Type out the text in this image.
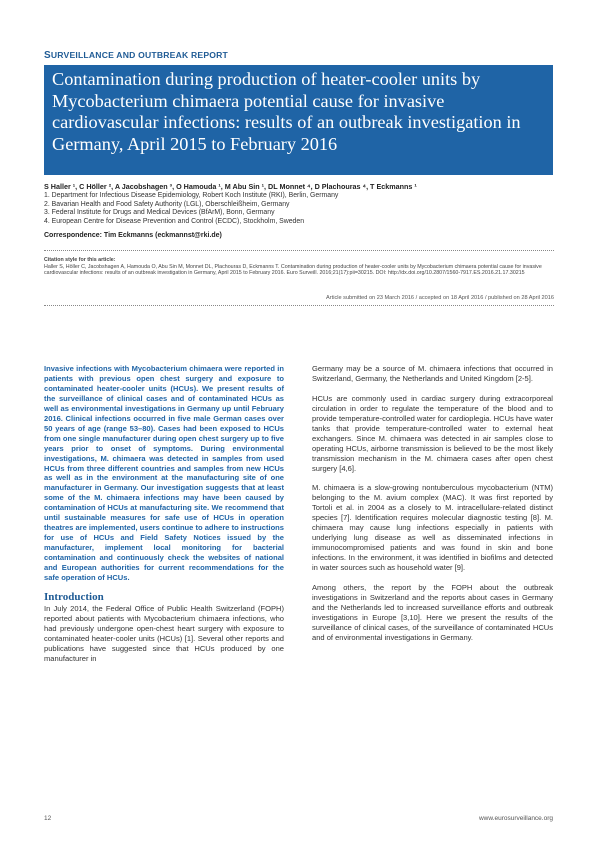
SURVEILLANCE AND OUTBREAK REPORT
Contamination during production of heater-cooler units by Mycobacterium chimaera potential cause for invasive cardiovascular infections: results of an outbreak investigation in Germany, April 2015 to February 2016
S Haller ¹, C Höller ², A Jacobshagen ³, O Hamouda ¹, M Abu Sin ¹, DL Monnet ⁴, D Plachouras ⁴, T Eckmanns ¹
1. Department for Infectious Disease Epidemiology, Robert Koch Institute (RKI), Berlin, Germany
2. Bavarian Health and Food Safety Authority (LGL), Oberschleißheim, Germany
3. Federal Institute for Drugs and Medical Devices (BfArM), Bonn, Germany
4. European Centre for Disease Prevention and Control (ECDC), Stockholm, Sweden
Correspondence: Tim Eckmanns (eckmannst@rki.de)
Citation style for this article:
Haller S, Höller C, Jacobshagen A, Hamouda O, Abu Sin M, Monnet DL, Plachouras D, Eckmanns T. Contamination during production of heater-cooler units by Mycobacterium chimaera potential cause for invasive cardiovascular infections: results of an outbreak investigation in Germany, April 2015 to February 2016. Euro Surveill. 2016;21(17):pii=30215. DOI: http://dx.doi.org/10.2807/1560-7917.ES.2016.21.17.30215
Article submitted on 23 March 2016 / accepted on 18 April 2016 / published on 28 April 2016

Invasive infections with Mycobacterium chimaera were reported in patients with previous open chest surgery and exposure to contaminated heater-cooler units (HCUs). We present results of the surveillance of clinical cases and of contaminated HCUs as well as environmental investigations in Germany up until February 2016. Clinical infections occurred in five male German cases over 50 years of age (range 53–80). Cases had been exposed to HCUs from one single manufacturer during open chest surgery up to five years prior to onset of symptoms. During environmental investigations, M. chimaera was detected in samples from used HCUs from three different countries and samples from new HCUs as well as in the environment at the manufacturing site of one manufacturer in Germany. Our investigation suggests that at least some of the M. chimaera infections may have been caused by contamination of HCUs at manufacturing site. We recommend that until sustainable measures for safe use of HCUs in operation theatres are implemented, users continue to adhere to instructions for use of HCUs and Field Safety Notices issued by the manufacturer, implement local monitoring for bacterial contamination and continuously check the websites of national and European authorities for current recommendations for the safe operation of HCUs.

Introduction

In July 2014, the Federal Office of Public Health Switzerland (FOPH) reported about patients with Mycobacterium chimaera infections, who had previously undergone open-chest heart surgery with exposure to contaminated heater-cooler units (HCUs) [1]. Several other reports and publications have suggested since that HCUs produced by one manufacturer in

Germany may be a source of M. chimaera infections that occurred in Switzerland, Germany, the Netherlands and United Kingdom [2-5].

HCUs are commonly used in cardiac surgery during extracorporeal circulation in order to regulate the temperature of the blood and to provide temperature-controlled water for cardioplegia. HCUs have water tanks that provide temperature-controlled water to external heat exchangers. Since M. chimaera was detected in air samples close to operating HCUs, airborne transmission is believed to be the most likely transmission mechanism in the M. chimaera cases after open chest surgery [4,6].

M. chimaera is a slow-growing nontuberculous mycobacterium (NTM) belonging to the M. avium complex (MAC). It was first reported by Tortoli et al. in 2004 as a closely to M. intracellulare-related distinct species [7]. Identification requires molecular diagnostic testing [8]. M. chimaera may cause lung infections especially in patients with underlying lung disease as well as disseminated infections in immunocompromised patients and was found in skin and bone infections. In the environment, it was identified in biofilms and detected in water sources such as household water [9].

Among others, the report by the FOPH about the outbreak investigations in Switzerland and the reports about cases in Germany and the Netherlands led to increased surveillance efforts and outbreak investigations in Europe [3,10]. Here we present the results of the surveillance of clinical cases, of the surveillance of contaminated HCUs and of environmental investigations in Germany.

12	www.eurosurveillance.org
